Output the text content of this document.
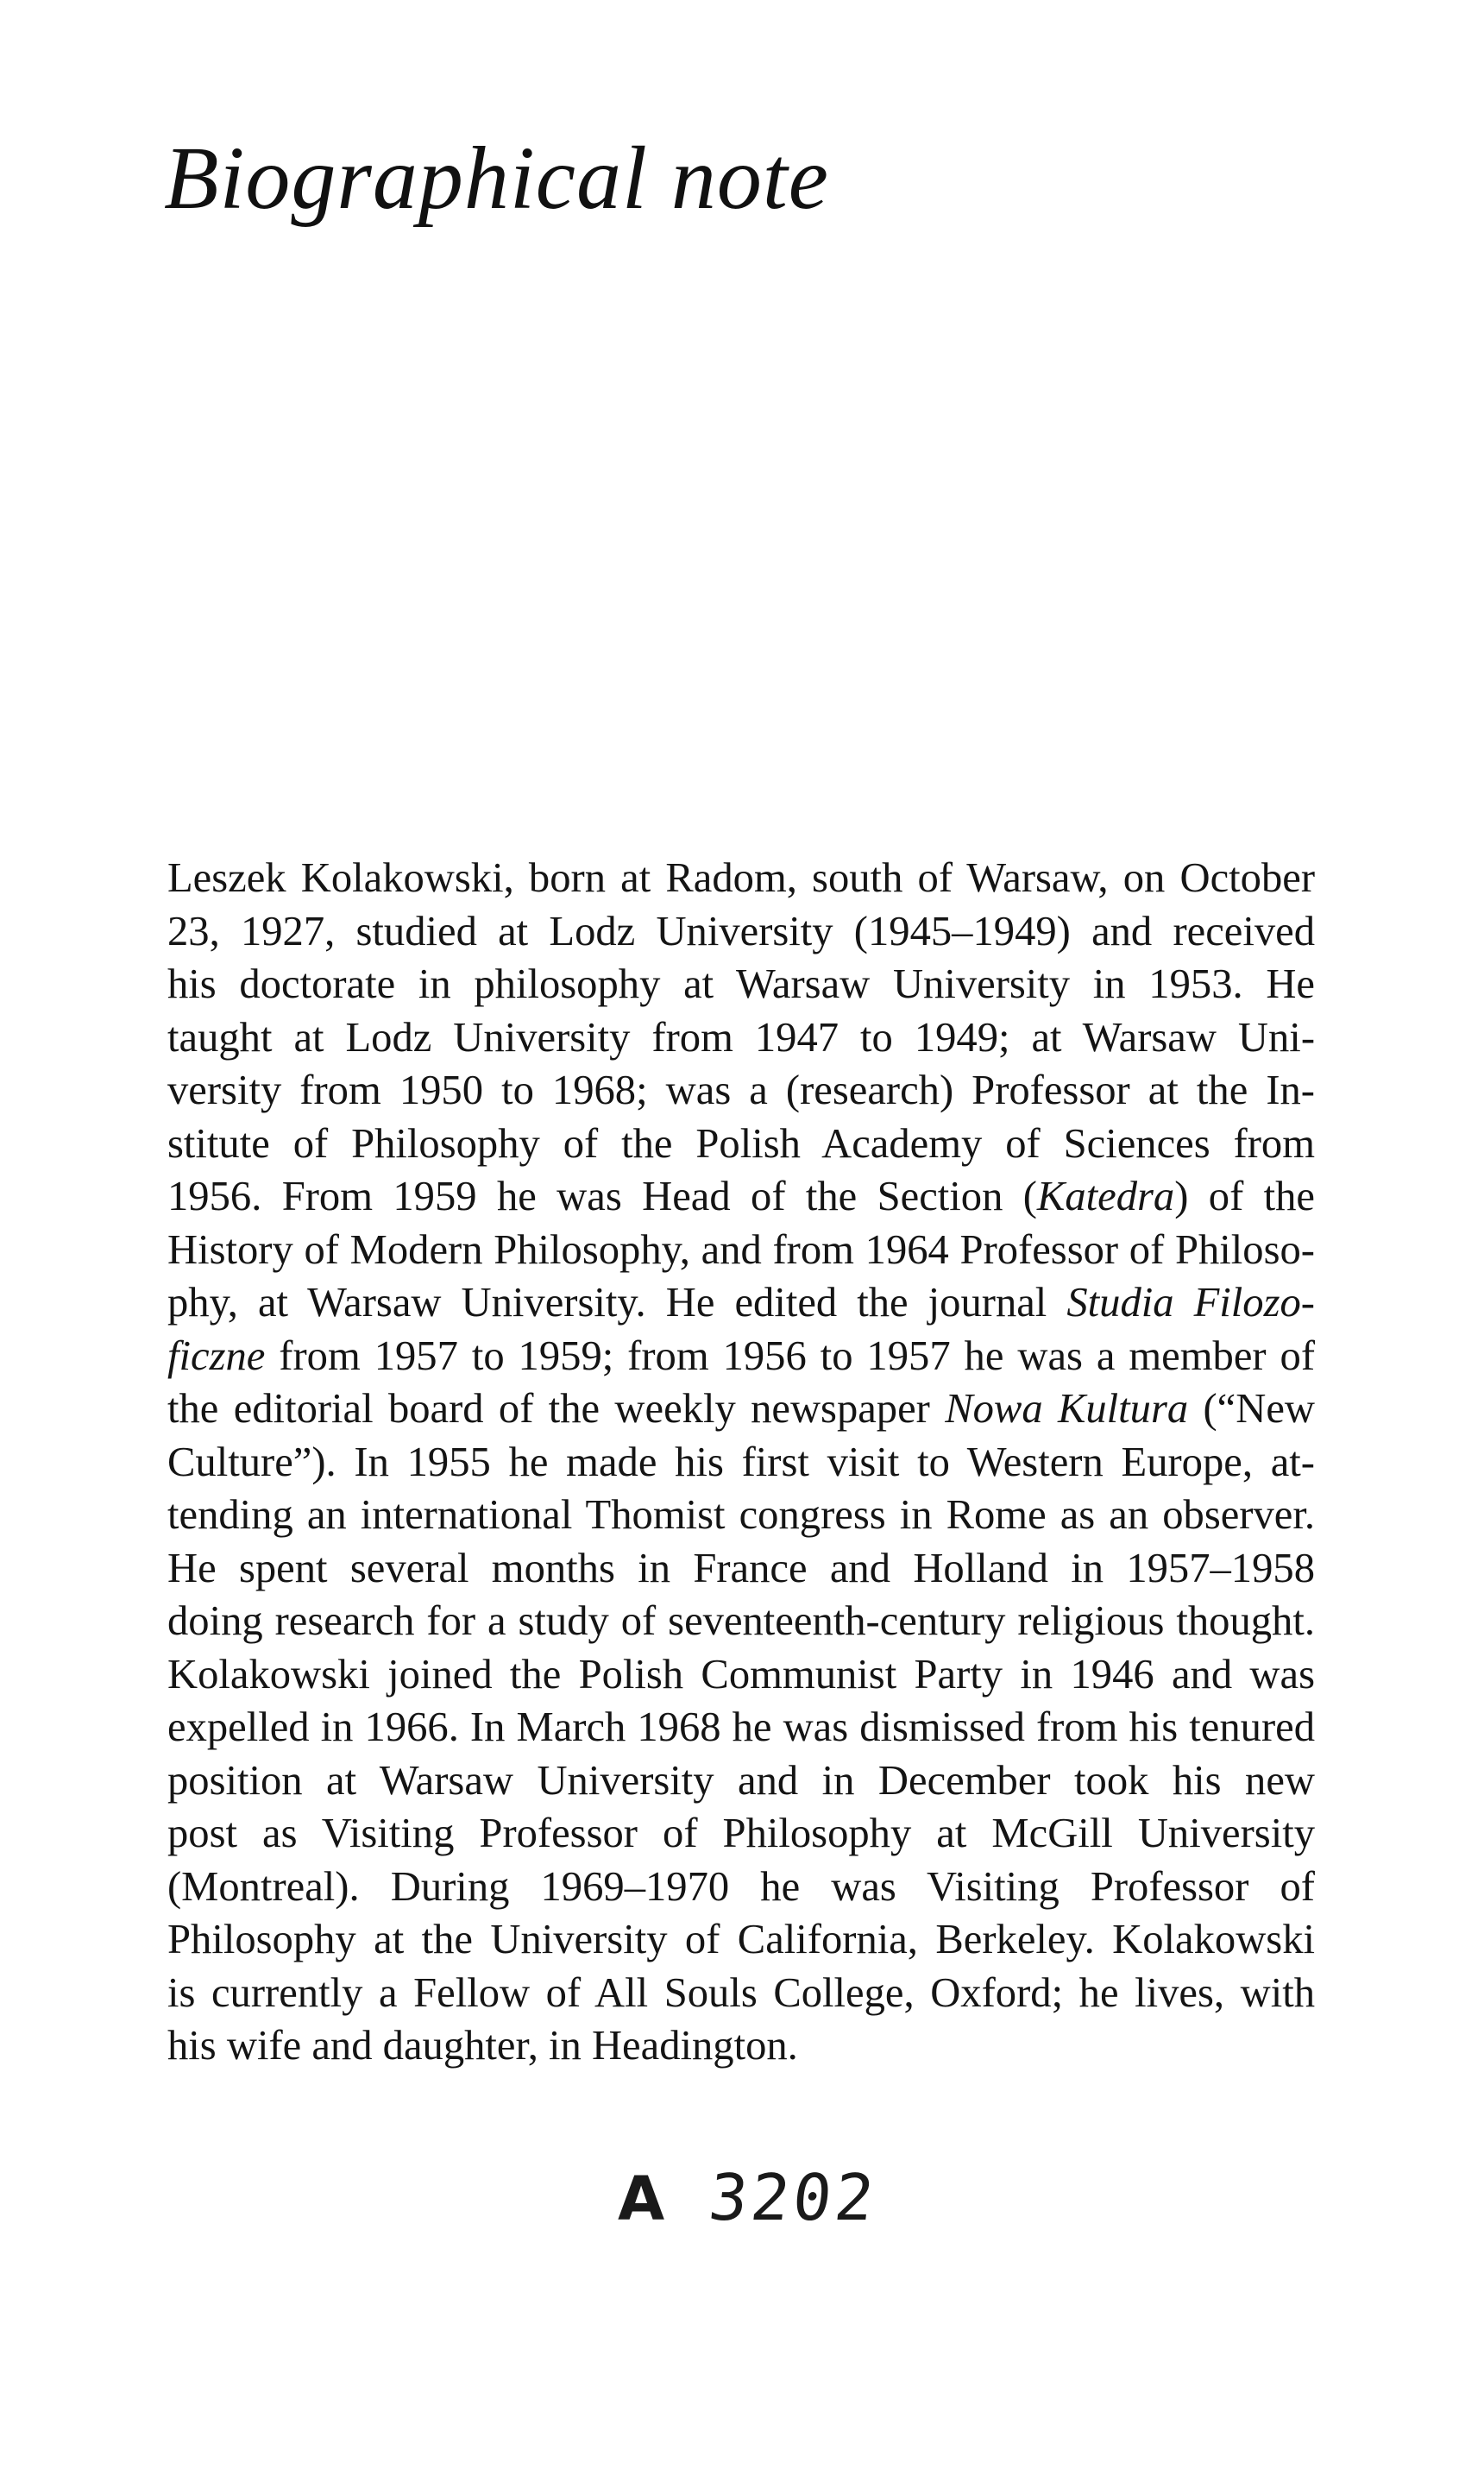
Biographical note

Leszek Kolakowski, born at Radom, south of Warsaw, on October
23, 1927, studied at Lodz University (1945–1949) and received
his doctorate in philosophy at Warsaw University in 1953. He
taught at Lodz University from 1947 to 1949; at Warsaw Uni-
versity from 1950 to 1968; was a (research) Professor at the In-
stitute of Philosophy of the Polish Academy of Sciences from
1956. From 1959 he was Head of the Section (Katedra) of the
History of Modern Philosophy, and from 1964 Professor of Philoso-
phy, at Warsaw University. He edited the journal Studia Filozo-
ficzne from 1957 to 1959; from 1956 to 1957 he was a member of
the editorial board of the weekly newspaper Nowa Kultura (“New
Culture”). In 1955 he made his first visit to Western Europe, at-
tending an international Thomist congress in Rome as an observer.
He spent several months in France and Holland in 1957–1958
doing research for a study of seventeenth-century religious thought.
Kolakowski joined the Polish Communist Party in 1946 and was
expelled in 1966. In March 1968 he was dismissed from his tenured
position at Warsaw University and in December took his new
post as Visiting Professor of Philosophy at McGill University
(Montreal). During 1969–1970 he was Visiting Professor of
Philosophy at the University of California, Berkeley. Kolakowski
is currently a Fellow of All Souls College, Oxford; he lives, with
his wife and daughter, in Headington.

A 3202
